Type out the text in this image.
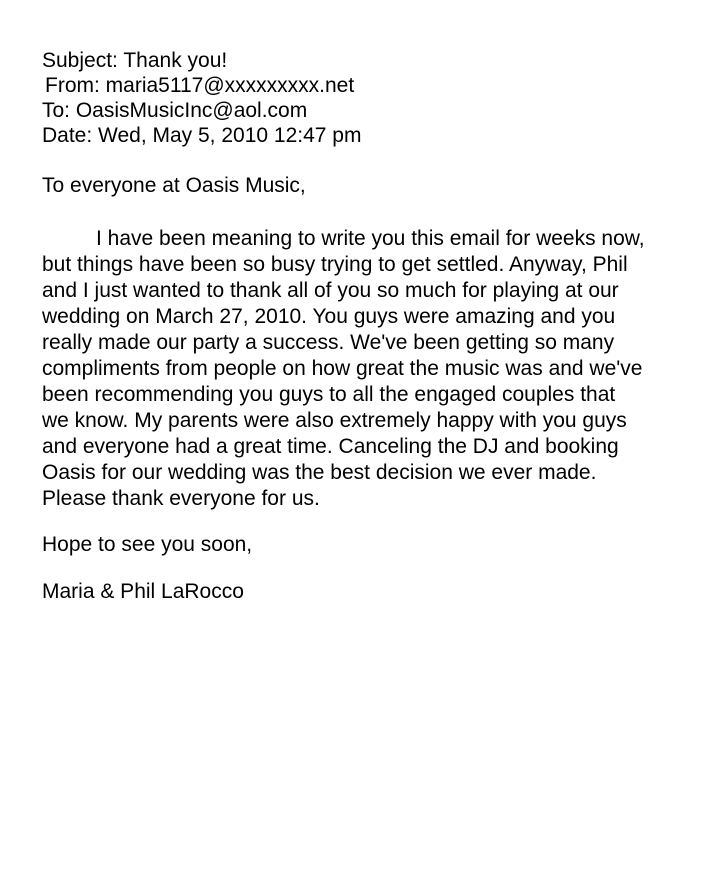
Subject: Thank you!
From: maria5117@xxxxxxxxx.net
To: OasisMusicInc@aol.com
Date: Wed, May 5, 2010 12:47 pm
To everyone at Oasis Music,
I have been meaning to write you this email for weeks now,
but things have been so busy trying to get settled. Anyway, Phil
and I just wanted to thank all of you so much for playing at our
wedding on March 27, 2010. You guys were amazing and you
really made our party a success. We've been getting so many
compliments from people on how great the music was and we've
been recommending you guys to all the engaged couples that
we know. My parents were also extremely happy with you guys
and everyone had a great time. Canceling the DJ and booking
Oasis for our wedding was the best decision we ever made.
Please thank everyone for us.
Hope to see you soon,
Maria & Phil LaRocco
